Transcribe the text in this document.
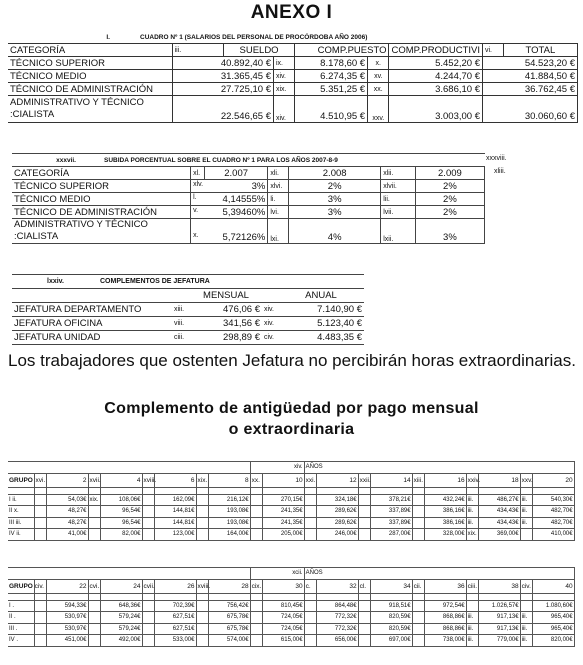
ANEXO I
I. CUADRO Nº 1 (SALARIOS DEL PERSONAL DE PROCÓRDOBA AÑO 2006)								
CATEGORÍA	iii.	SUELDO		COMP.PUESTO		COMP.PRODUCTIVI	vi.	TOTAL
TÉCNICO SUPERIOR	40.892,40 €		ix.	8.178,60 €	x.	5.452,20 €	54.523,20 €	
TÉCNICO MEDIO	31.365,45 €		xiv.	6.274,35 €	xv.	4.244,70 €	41.884,50 €	
TÉCNICO DE ADMINISTRACIÓN	27.725,10 €		xix.	5.351,25 €	xx.	3.686,10 €	36.762,45 €	
ADMINISTRATIVO Y TÉCNICO
:CIALISTA	22.546,65 €		xiv.	4.510,95 €	xxv.	3.003,00 €	30.060,60 €	
xxxvii. SUBIDA PORCENTUAL SOBRE EL CUADRO Nº 1 PARA LOS AÑOS 2007-8-9						
CATEGORÍA	xl.	2.007	xli.	2.008	xlii.	2.009
TÉCNICO SUPERIOR	xlv. 3%		xlvi.	2%	xlvii.	2%
TÉCNICO MEDIO	l. 4,14555%		li.	3%	lii.	2%
TÉCNICO DE ADMINISTRACIÓN	v. 5,39460%		lvi.	3%	lvii.	2%
ADMINISTRATIVO Y TÉCNICO
:CIALISTA	x. 5,72126%		lxi.	4%	lxii.	3%
xxxviii.
xliii.
lxxiv. COMPLEMENTOS DE JEFATURA				
		MENSUAL		ANUAL
JEFATURA DEPARTAMENTO	xiii.	476,06 €	xiv.	7.140,90 €
JEFATURA OFICINA	viii.	341,56 €	xiv.	5.123,40 €
JEFATURA UNIDAD	ciii.	298,89 €	civ.	4.483,35 €
Los trabajadores que ostenten Jefatura no percibirán horas extraordinarias.
Complemento de antigüedad por pago mensual
o extraordinaria
									xiv.		AÑOS									
GRUPO	xvi.	2	xvii.	4	xviii.	6	xix.	8	xx.	10	xxi.	12	xxii.	14	xiii.	16	xxiv.	18	xxv.	20

I ii.		54,03€	xix.	108,06€		162,09€		216,12€		270,15€		324,18€		378,21€		432,24€	iii.	486,27€	iii.	540,30€
II x.		48,27€		96,54€		144,81€		193,08€		241,35€		289,62€		337,89€		386,16€	iii.	434,43€	iii.	482,70€
III iii.		48,27€		96,54€		144,81€		193,08€		241,35€		289,62€		337,89€		386,16€	iii.	434,43€	iii.	482,70€
IV ii.		41,00€		82,00€		123,00€		164,00€		205,00€		246,00€		287,00€		328,00€	xix.	369,00€		410,00€
									xcii.		AÑOS									
GRUPO civ.		22	cvi.	24	cvii.	26	xviii.	28	cix.	30	c.	32	cl.	34	cii.	36	ciii.	38	civ.	40

I .		594,33€		648,36€		702,39€		756,42€		810,45€		864,48€		918,51€		972,54€		1.026,57€		1.080,60€
II .		530,97€		579,24€		627,51€		675,78€		724,05€		772,32€		820,59€		868,86€	iii.	917,13€	iii.	965,40€
III .		530,97€		579,24€		627,51€		675,78€		724,05€		772,32€		820,59€		868,86€	iii.	917,13€	iii.	965,40€
IV .		451,00€		492,00€		533,00€		574,00€		615,00€		656,00€		697,00€		738,00€	iii.	779,00€	iii.	820,00€
